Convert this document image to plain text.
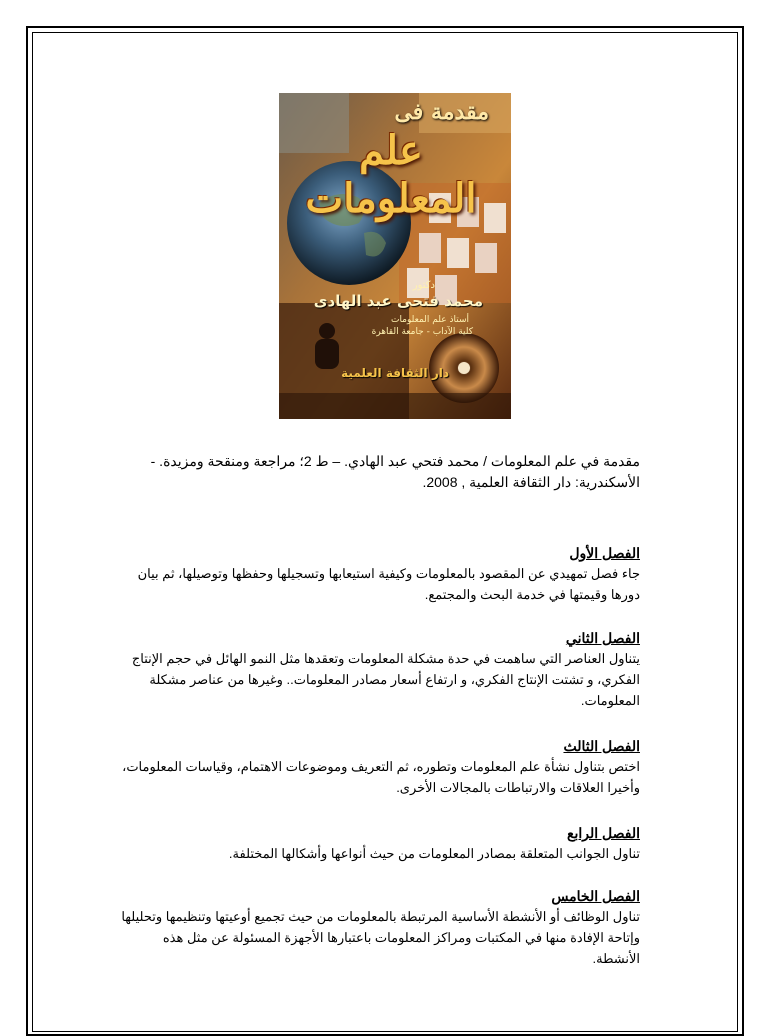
مقدمة فى
علم المعلومات
دكتور
محمد فتحى عبد الهادى
أستاذ علم المعلومات
كلية الآداب - جامعة القاهرة
دار الثقافة العلمية
مقدمة في علم المعلومات / محمد فتحي عبد الهادي. – ط 2؛ مراجعة ومنقحة ومزيدة. -
الأسكندرية: دار الثقافة العلمية , 2008.
الفصل الأول

جاء فصل تمهيدي عن المقصود بالمعلومات وكيفية استيعابها وتسجيلها وحفظها وتوصيلها، ثم بيان دورها وقيمتها في خدمة البحث والمجتمع.

الفصل الثاني

يتناول العناصر التي ساهمت في حدة مشكلة المعلومات وتعقدها مثل النمو الهائل في حجم الإنتاج الفكري، و تشتت الإنتاج الفكري، و ارتفاع أسعار مصادر المعلومات.. وغيرها من عناصر مشكلة المعلومات.

الفصل الثالث

اختص بتناول نشأة علم المعلومات وتطوره، ثم التعريف وموضوعات الاهتمام، وقياسات المعلومات، وأخيرا العلاقات والارتباطات بالمجالات الأخرى.

الفصل الرابع

تناول الجوانب المتعلقة بمصادر المعلومات من حيث أنواعها وأشكالها المختلفة.

الفصل الخامس

تناول الوظائف أو الأنشطة الأساسية المرتبطة بالمعلومات من حيث تجميع أوعيتها وتنظيمها وتحليلها وإتاحة الإفادة منها في المكتبات ومراكز المعلومات باعتبارها الأجهزة المسئولة عن مثل هذه الأنشطة.
